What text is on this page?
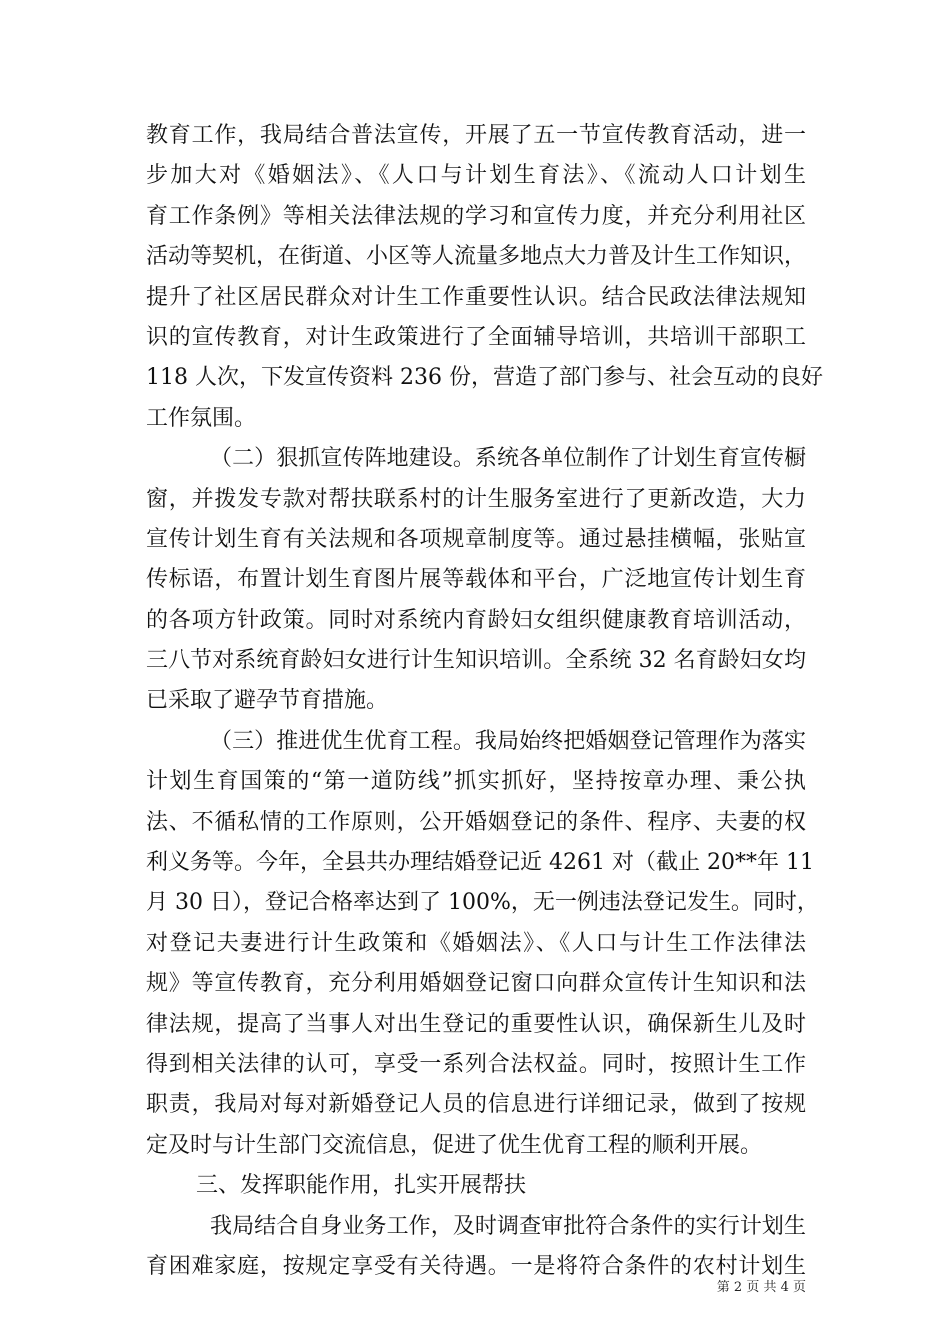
教育工作，我局结合普法宣传，开展了五一节宣传教育活动，进一
步加大对《婚姻法》、《人口与计划生育法》、《流动人口计划生
育工作条例》等相关法律法规的学习和宣传力度，并充分利用社区
活动等契机，在街道、小区等人流量多地点大力普及计生工作知识，
提升了社区居民群众对计生工作重要性认识。结合民政法律法规知
识的宣传教育，对计生政策进行了全面辅导培训，共培训干部职工
118 人次，下发宣传资料 236 份，营造了部门参与、社会互动的良好
工作氛围。
（二）狠抓宣传阵地建设。系统各单位制作了计划生育宣传橱
窗，并拨发专款对帮扶联系村的计生服务室进行了更新改造，大力
宣传计划生育有关法规和各项规章制度等。通过悬挂横幅，张贴宣
传标语，布置计划生育图片展等载体和平台，广泛地宣传计划生育
的各项方针政策。同时对系统内育龄妇女组织健康教育培训活动，
三八节对系统育龄妇女进行计生知识培训。全系统 32 名育龄妇女均
已采取了避孕节育措施。
（三）推进优生优育工程。我局始终把婚姻登记管理作为落实
计划生育国策的“第一道防线”抓实抓好，坚持按章办理、秉公执
法、不循私情的工作原则，公开婚姻登记的条件、程序、夫妻的权
利义务等。今年，全县共办理结婚登记近 4261 对（截止 20**年 11
月 30 日），登记合格率达到了 100%，无一例违法登记发生。同时，
对登记夫妻进行计生政策和《婚姻法》、《人口与计生工作法律法
规》等宣传教育，充分利用婚姻登记窗口向群众宣传计生知识和法
律法规，提高了当事人对出生登记的重要性认识，确保新生儿及时
得到相关法律的认可，享受一系列合法权益。同时，按照计生工作
职责，我局对每对新婚登记人员的信息进行详细记录，做到了按规
定及时与计生部门交流信息，促进了优生优育工程的顺利开展。
三、发挥职能作用，扎实开展帮扶
我局结合自身业务工作，及时调查审批符合条件的实行计划生
育困难家庭，按规定享受有关待遇。一是将符合条件的农村计划生
第 2 页 共 4 页
